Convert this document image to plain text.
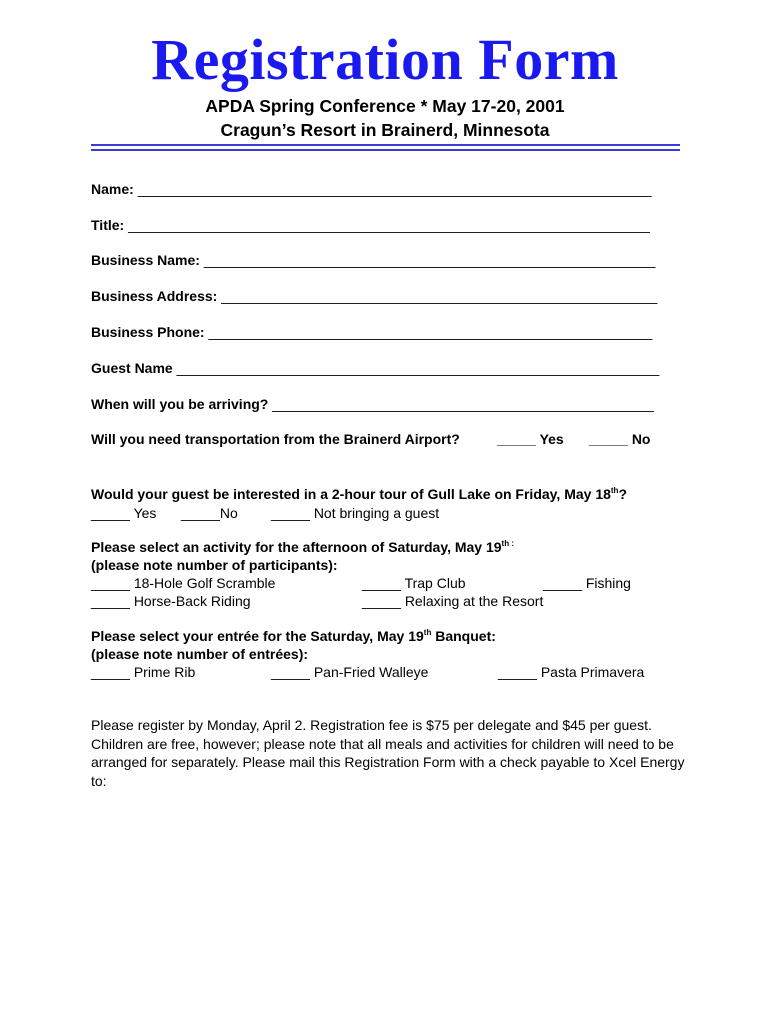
Registration Form
APDA Spring Conference * May 17-20, 2001
Cragun’s Resort in Brainerd, Minnesota
Name: __________________________________________________________________
Title: ___________________________________________________________________
Business Name: __________________________________________________________
Business Address: ________________________________________________________
Business Phone: _________________________________________________________
Guest Name ______________________________________________________________
When will you be arriving? _________________________________________________
Will you need transportation from the Brainerd Airport?	_____ Yes _____ No
Would your guest be interested in a 2-hour tour of Gull Lake on Friday, May 18th?
_____ Yes _____No _____ Not bringing a guest
Please select an activity for the afternoon of Saturday, May $19^{th :}$
(please note number of participants):
_____ 18-Hole Golf Scramble	_____ Trap Club	_____ Fishing
_____ Horse-Back Riding	_____ Relaxing at the Resort
Please select your entrée for the Saturday, May 19th Banquet:
(please note number of entrées):
_____ Prime Rib	_____ Pan-Fried Walleye	_____ Pasta Primavera
Please register by Monday, April 2. Registration fee is $75 per delegate and $45 per guest. Children are free, however; please note that all meals and activities for children will need to be arranged for separately. Please mail this Registration Form with a check payable to Xcel Energy to:
